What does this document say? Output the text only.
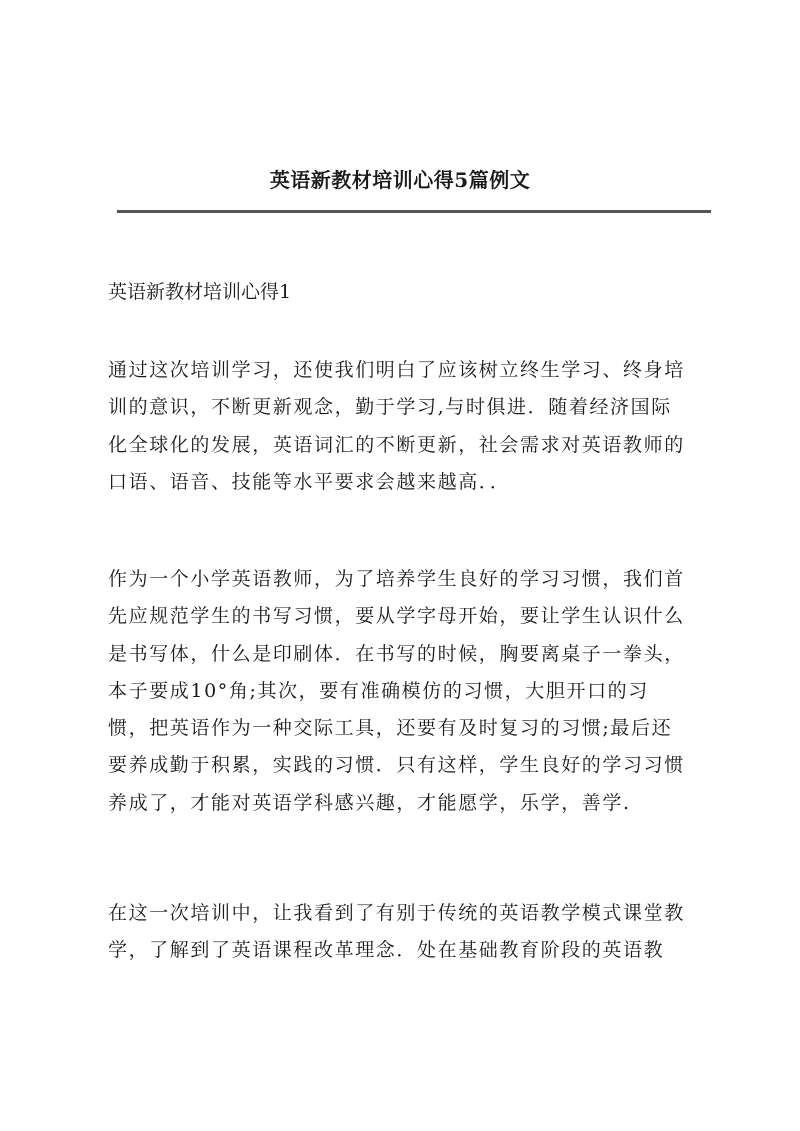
英语新教材培训心得5篇例文
英语新教材培训心得1

通过这次培训学习，还使我们明白了应该树立终生学习、终身培
训的意识，不断更新观念，勤于学习,与时俱进．随着经济国际
化全球化的发展，英语词汇的不断更新，社会需求对英语教师的
口语、语音、技能等水平要求会越来越高．．

作为一个小学英语教师，为了培养学生良好的学习习惯，我们首
先应规范学生的书写习惯，要从学字母开始，要让学生认识什么
是书写体，什么是印刷体．在书写的时候，胸要离桌子一拳头，
本子要成10°角;其次，要有准确模仿的习惯，大胆开口的习
惯，把英语作为一种交际工具，还要有及时复习的习惯;最后还
要养成勤于积累，实践的习惯．只有这样，学生良好的学习习惯
养成了，才能对英语学科感兴趣，才能愿学，乐学，善学.

在这一次培训中，让我看到了有别于传统的英语教学模式课堂教
学，了解到了英语课程改革理念．处在基础教育阶段的英语教
